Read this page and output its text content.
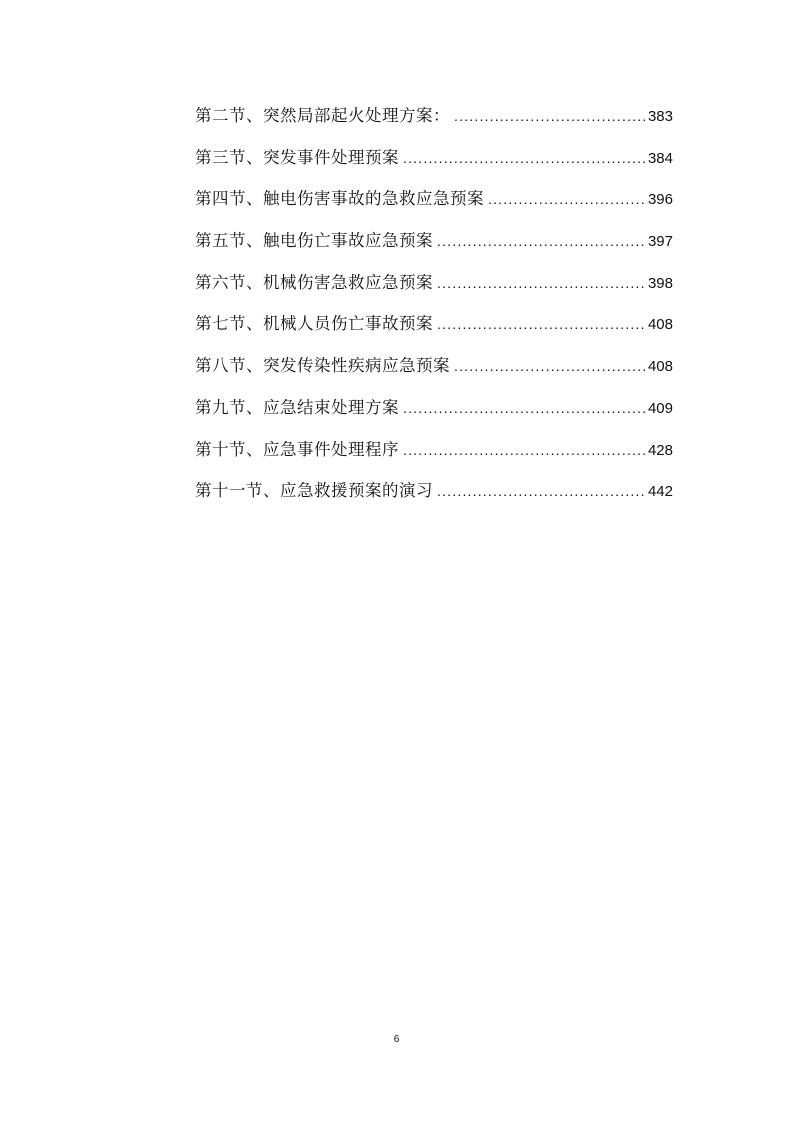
第二节、突然局部起火处理方案： .....	383
第三节、突发事件处理预案 .....	384
第四节、触电伤害事故的急救应急预案 .....	396
第五节、触电伤亡事故应急预案 .....	397
第六节、机械伤害急救应急预案 .....	398
第七节、机械人员伤亡事故预案 .....	408
第八节、突发传染性疾病应急预案 .....	408
第九节、应急结束处理方案 .....	409
第十节、应急事件处理程序 .....	428
第十一节、应急救援预案的演习 .....	442
6
